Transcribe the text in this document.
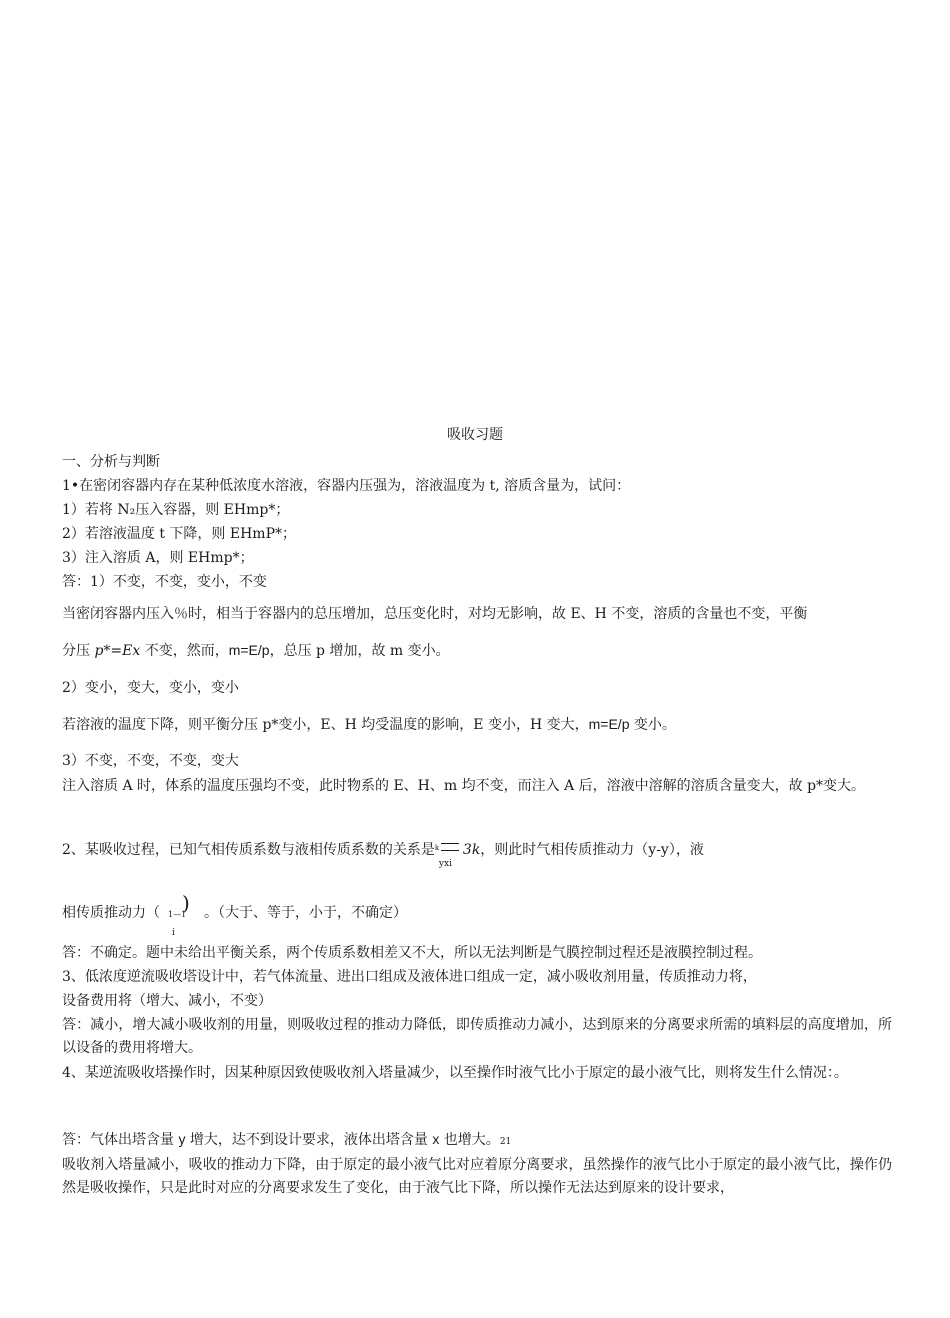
吸收习题
一、分析与判断
1•在密闭容器内存在某种低浓度水溶液，容器内压强为，溶液温度为 t, 溶质含量为，试问：
1）若将 N₂压入容器，则 EHmp*；
2）若溶液温度 t 下降，则 EHmP*；
3）注入溶质 A，则 EHmp*；
答：1）不变，不变，变小，不变
当密闭容器内压入％时，相当于容器内的总压增加，总压变化时，对均无影响，故 E、H 不变，溶质的含量也不变，平衡
分压 p*=Ex 不变，然而，m=E/p，总压 p 增加，故 m 变小。
2）变小，变大，变小，变小
若溶液的温度下降，则平衡分压 p*变小，E、H 均受温度的影响，E 变小，H 变大，m=E/p 变小。
3）不变，不变，不变，变大
注入溶质 A 时，体系的温度压强均不变，此时物系的 E、H、m 均不变，而注入 A 后，溶液中溶解的溶质含量变大，故 p*变大。
2、某吸收过程，已知气相传质系数与液相传质系数的关系是 k
yxi
3k，则此时气相传质推动力（y-y），液
相传质推动力（ 1—1
)
i
。（大于、等于，小于，不确定）
答：不确定。题中未给出平衡关系，两个传质系数相差又不大，所以无法判断是气膜控制过程还是液膜控制过程。
3、低浓度逆流吸收塔设计中，若气体流量、进出口组成及液体进口组成一定，减小吸收剂用量，传质推动力将，
设备费用将（增大、减小，不变）
答：减小，增大减小吸收剂的用量，则吸收过程的推动力降低，即传质推动力减小，达到原来的分离要求所需的填料层的高度增加，所以设备的费用将增大。
4、某逆流吸收塔操作时，因某种原因致使吸收剂入塔量减少，以至操作时液气比小于原定的最小液气比，则将发生什么情况：。
答：气体出塔含量 y 增大，达不到设计要求，液体出塔含量 x 也增大。21
吸收剂入塔量减小，吸收的推动力下降，由于原定的最小液气比对应着原分离要求，虽然操作的液气比小于原定的最小液气比，操作仍然是吸收操作，只是此时对应的分离要求发生了变化，由于液气比下降，所以操作无法达到原来的设计要求，
